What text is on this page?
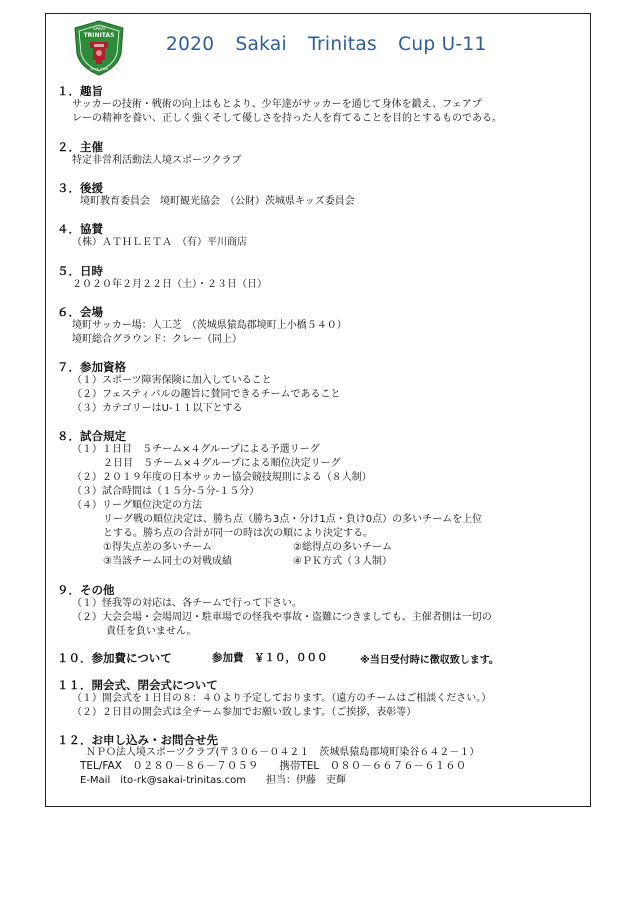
SAKAI
TRINITAS
Since 2016
2020 Sakai Trinitas Cup U-11
１．趣旨
サッカーの技術・戦術の向上はもとより、少年達がサッカーを通じて身体を鍛え、フェアプ
レーの精神を養い、正しく強くそして優しさを持った人を育てることを目的とするものである。
２．主催
特定非営利活動法人境スポーツクラブ
３．後援
境町教育委員会　境町観光協会　（公財）茨城県キッズ委員会
４．協賛
（株）ＡＴＨＬＥＴＡ　（有）平川商店
５．日時
２０２０年２月２２日（土）・２３日（日）
６．会場
境町サッカー場：人工芝　（茨城県猿島郡境町上小橋５４０）
境町総合グラウンド：クレー（同上）
７．参加資格
（１）スポーツ障害保険に加入していること
（２）フェスティバルの趣旨に賛同できるチームであること
（３）カテゴリーはU-１１以下とする
８．試合規定
（１）１日目　５チーム×４グループによる予選リーグ
２日目　５チーム×４グループによる順位決定リーグ
（２）２０１９年度の日本サッカー協会競技規則による（８人制）
（３）試合時間は（１５分-５分-１５分）
（４）リーグ順位決定の方法
リーグ戦の順位決定は、勝ち点（勝ち3点・分け1点・負け0点）の多いチームを上位
とする。勝ち点の合計が同一の時は次の順により決定する。
①得失点差の多いチーム	②総得点の多いチーム
③当該チーム同士の対戦成績	④ＰＫ方式（３人制）
９．その他
（１）怪我等の対応は、各チームで行って下さい。
（２）大会会場・会場周辺・駐車場での怪我や事故・盗難につきましても、主催者側は一切の
責任を負いません。
１０．参加費について	参加費　￥１０，０００	※当日受付時に徴収致します。
１１．開会式、閉会式について
（１）開会式を１日目の８：４０より予定しております。（遠方のチームはご相談ください。）
（２）２日目の開会式は全チーム参加でお願い致します。（ご挨拶、表彰等）
１２．お申し込み・お問合せ先
ＮＰＯ法人境スポーツクラブ(〒３０６－０４２１　茨城県猿島郡境町染谷６４２－１）
TEL/FAX　０２８０－８６－７０５９　　携帯TEL　０８０－６６７６－６１６０
E-Mail　ito-rk@sakai-trinitas.com　　担当：伊藤　吏輝
